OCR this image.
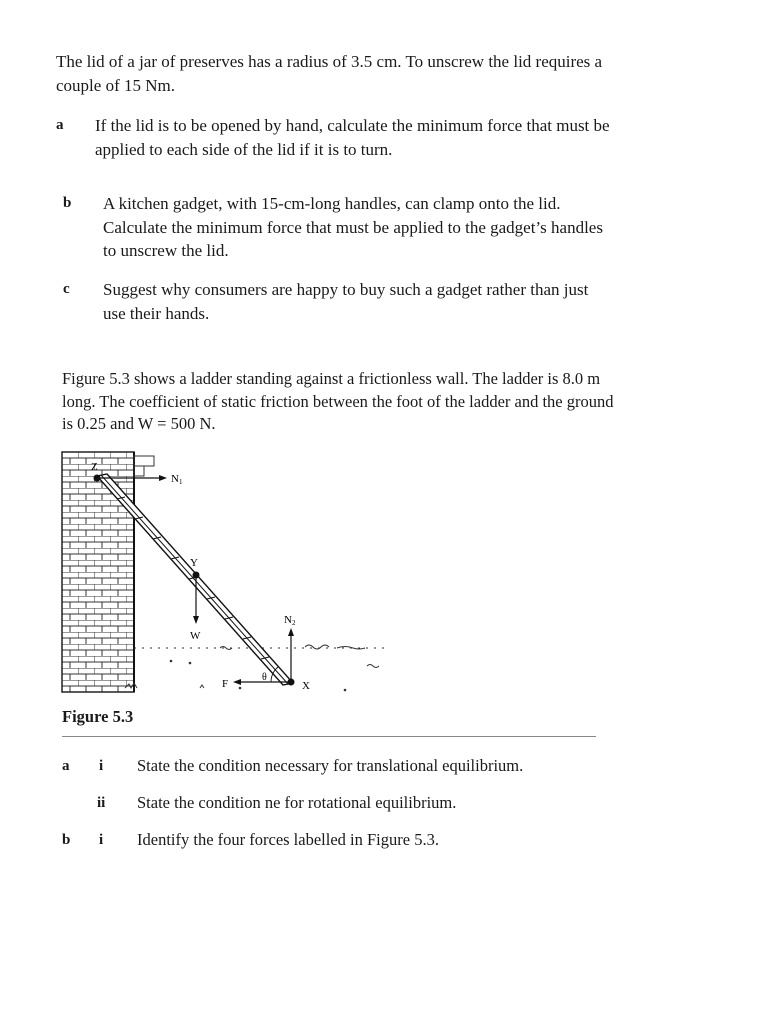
The lid of a jar of preserves has a radius of 3.5 cm. To unscrew the lid requires a couple of 15 Nm.

a If the lid is to be opened by hand, calculate the minimum force that must be applied to each side of the lid if it is to turn.

b A kitchen gadget, with 15-cm-long handles, can clamp onto the lid. Calculate the minimum force that must be applied to the gadget’s handles to unscrew the lid.

c Suggest why consumers are happy to buy such a gadget rather than just use their hands.

Figure 5.3 shows a ladder standing against a frictionless wall. The ladder is 8.0 m long. The coefficient of static friction between the foot of the ladder and the ground is 0.25 and W = 500 N.

Z
N1
Y
W
X
N2
F
θ
Figure 5.3
a i State the condition necessary for translational equilibrium.
ii State the condition ne for rotational equilibrium.
b i Identify the four forces labelled in Figure 5.3.
